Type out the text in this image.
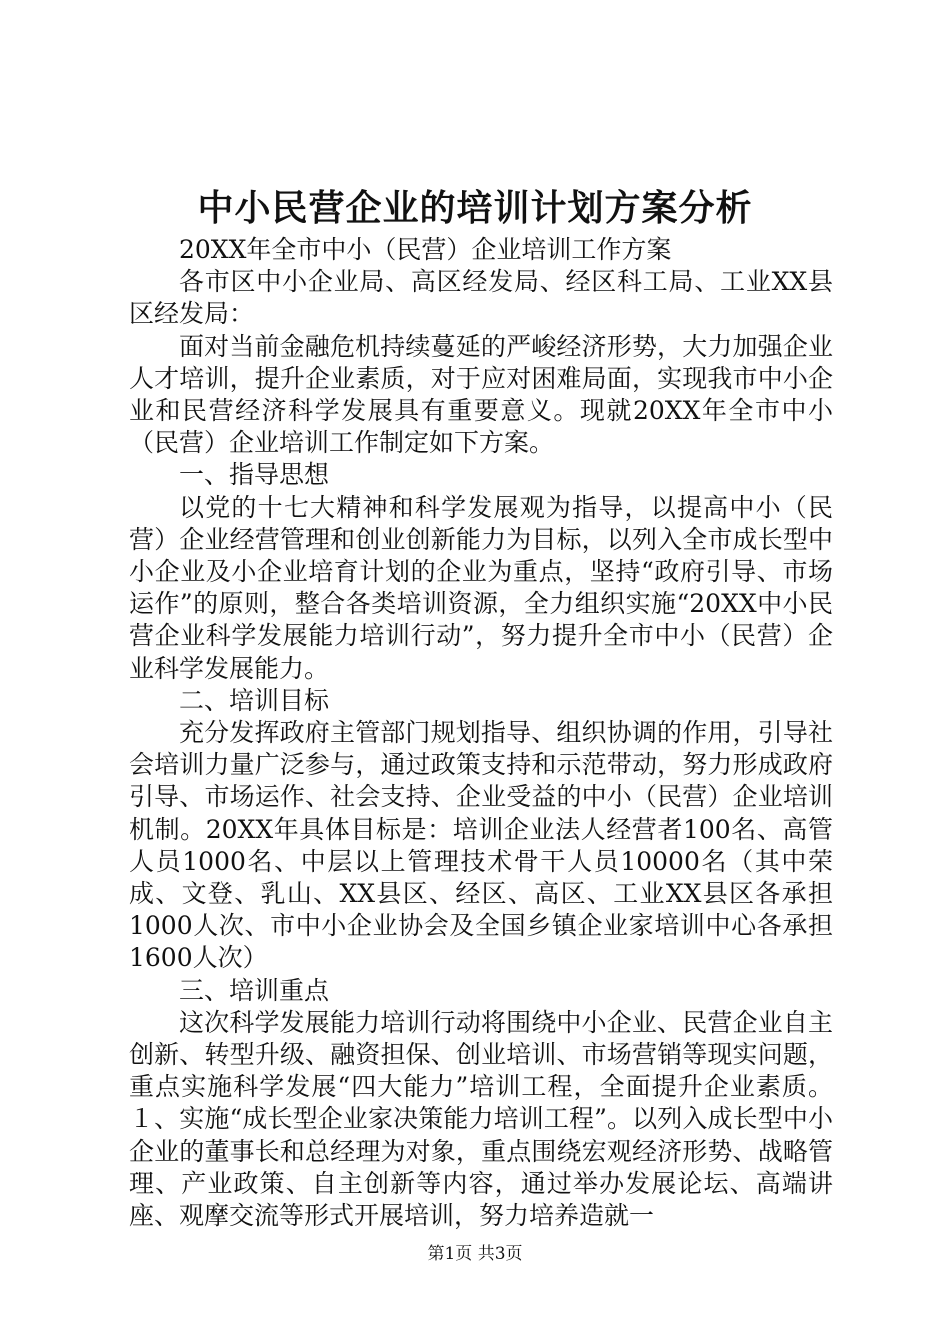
中小民营企业的培训计划方案分析

20XX年全市中小（民营）企业培训工作方案

各市区中小企业局、高区经发局、经区科工局、工业XX县区经发局：

面对当前金融危机持续蔓延的严峻经济形势，大力加强企业人才培训，提升企业素质，对于应对困难局面，实现我市中小企业和民营经济科学发展具有重要意义。现就20XX年全市中小（民营）企业培训工作制定如下方案。

一、指导思想

以党的十七大精神和科学发展观为指导，以提高中小（民营）企业经营管理和创业创新能力为目标，以列入全市成长型中小企业及小企业培育计划的企业为重点，坚持“政府引导、市场运作”的原则，整合各类培训资源，全力组织实施“20XX中小民营企业科学发展能力培训行动”，努力提升全市中小（民营）企业科学发展能力。

二、培训目标

充分发挥政府主管部门规划指导、组织协调的作用，引导社会培训力量广泛参与，通过政策支持和示范带动，努力形成政府引导、市场运作、社会支持、企业受益的中小（民营）企业培训机制。20XX年具体目标是：培训企业法人经营者100名、高管人员1000名、中层以上管理技术骨干人员10000名（其中荣成、文登、乳山、XX县区、经区、高区、工业XX县区各承担1000人次、市中小企业协会及全国乡镇企业家培训中心各承担1600人次）

三、培训重点

这次科学发展能力培训行动将围绕中小企业、民营企业自主创新、转型升级、融资担保、创业培训、市场营销等现实问题，重点实施科学发展“四大能力”培训工程，全面提升企业素质。１、实施“成长型企业家决策能力培训工程”。以列入成长型中小企业的董事长和总经理为对象，重点围绕宏观经济形势、战略管理、产业政策、自主创新等内容，通过举办发展论坛、高端讲座、观摩交流等形式开展培训，努力培养造就一

第1页 共3页
